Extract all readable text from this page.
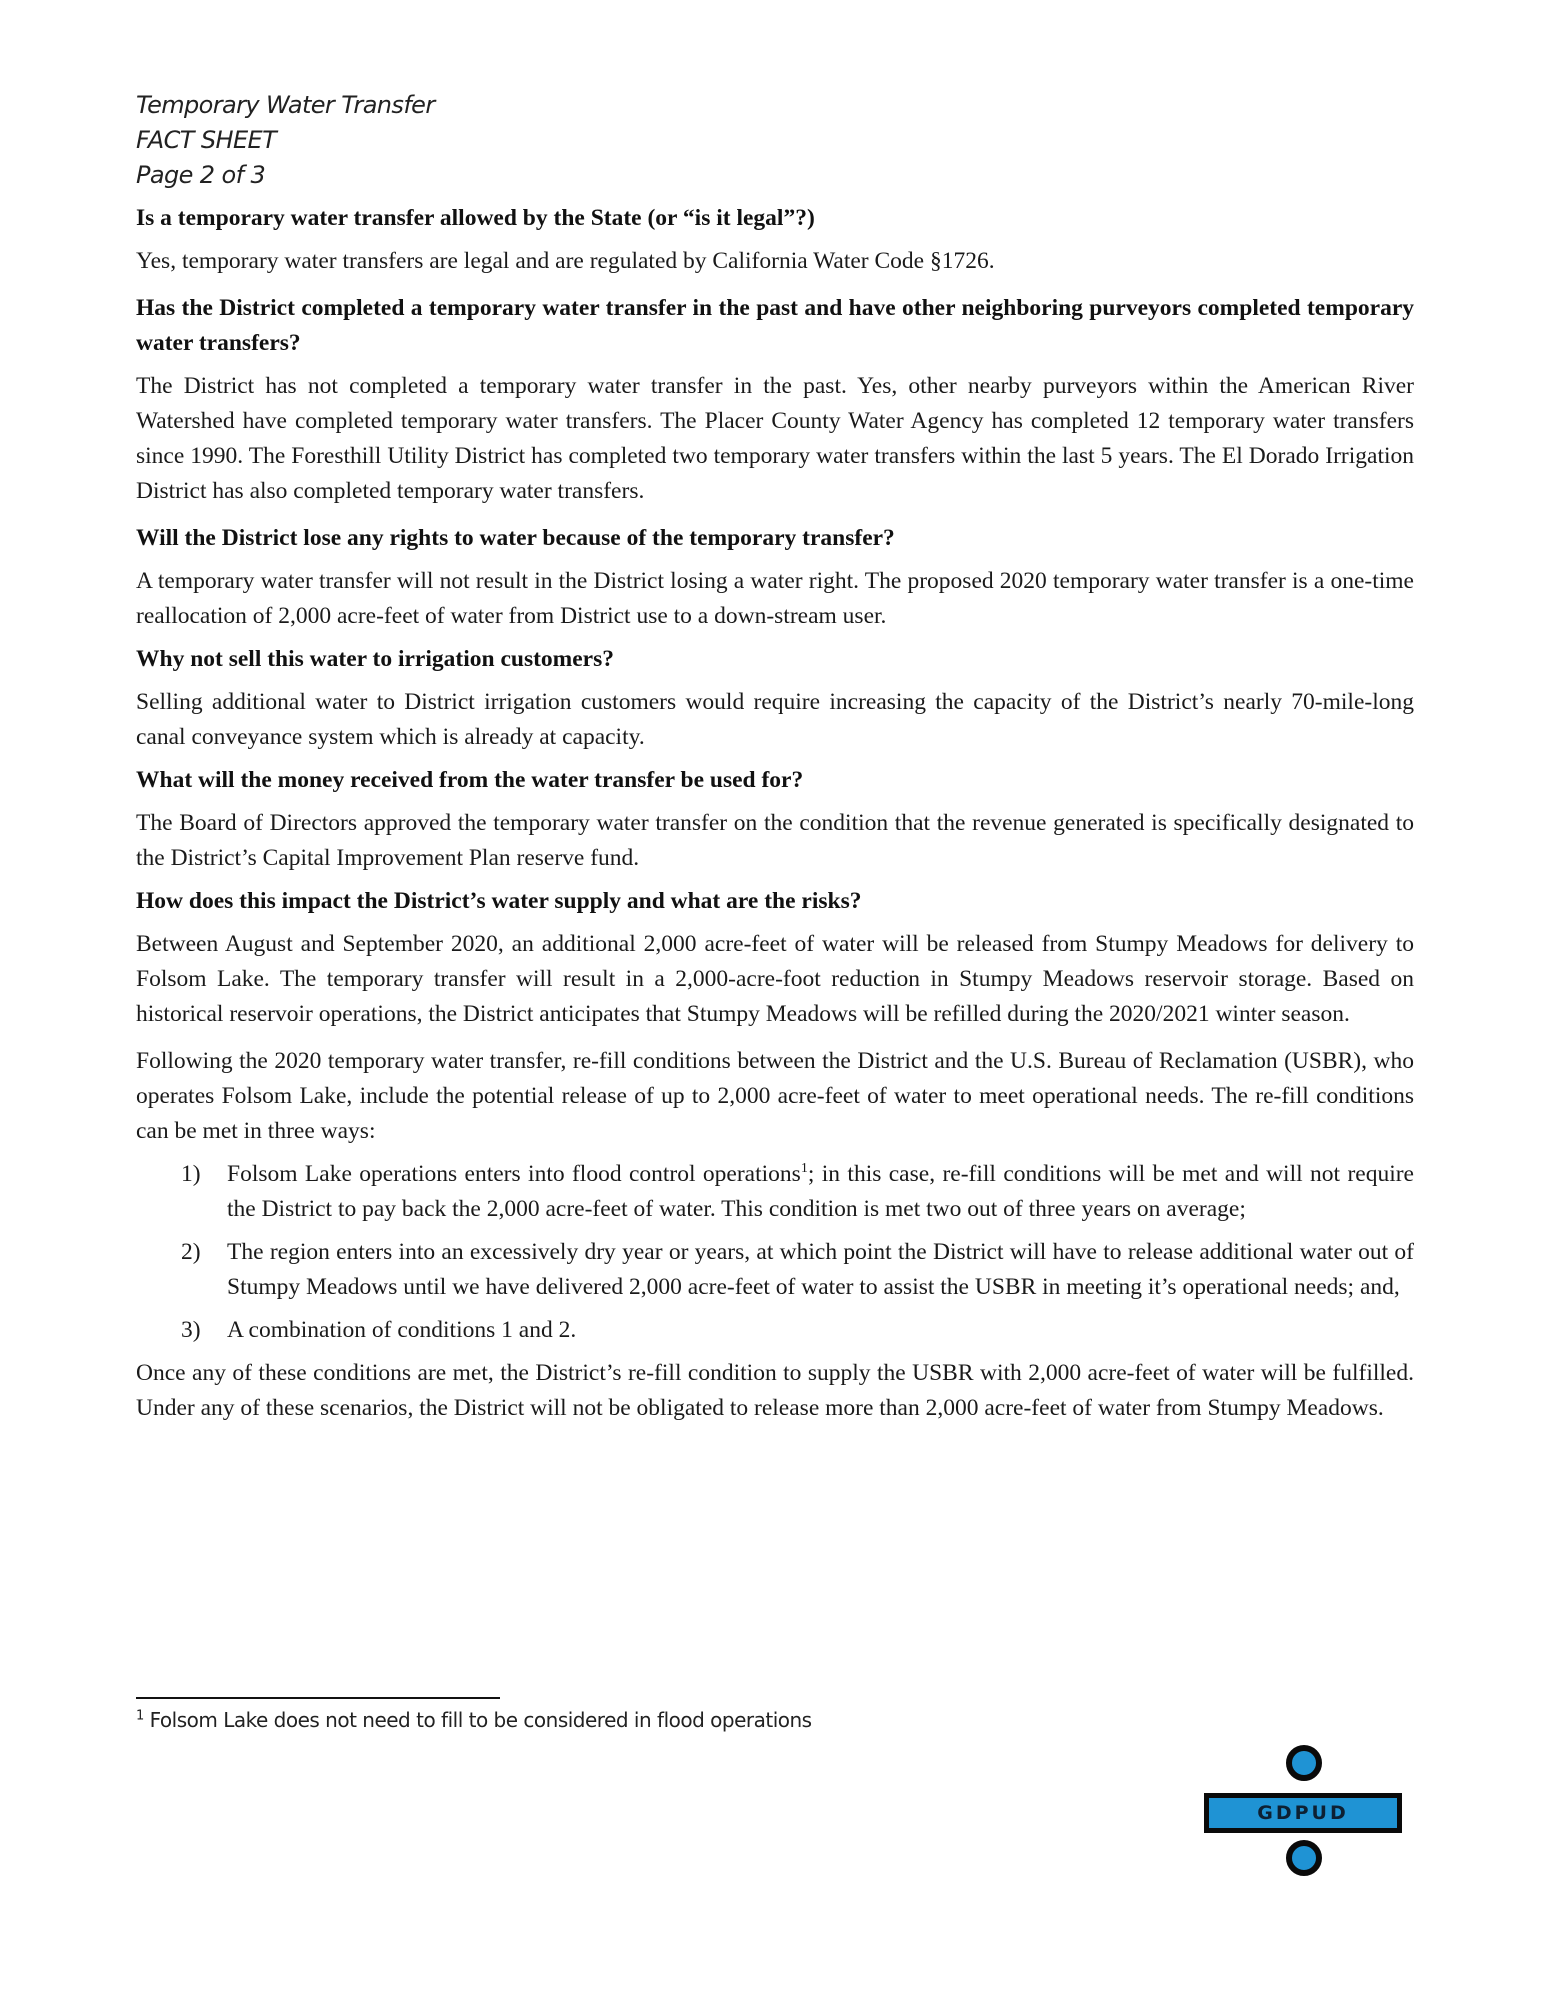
Temporary Water Transfer
FACT SHEET
Page 2 of 3
Is a temporary water transfer allowed by the State (or “is it legal”?)

Yes, temporary water transfers are legal and are regulated by California Water Code §1726.

Has the District completed a temporary water transfer in the past and have other neighboring purveyors completed temporary water transfers?

The District has not completed a temporary water transfer in the past. Yes, other nearby purveyors within the American River Watershed have completed temporary water transfers. The Placer County Water Agency has completed 12 temporary water transfers since 1990. The Foresthill Utility District has completed two temporary water transfers within the last 5 years. The El Dorado Irrigation District has also completed temporary water transfers.

Will the District lose any rights to water because of the temporary transfer?

A temporary water transfer will not result in the District losing a water right. The proposed 2020 temporary water transfer is a one-time reallocation of 2,000 acre-feet of water from District use to a down-stream user.

Why not sell this water to irrigation customers?

Selling additional water to District irrigation customers would require increasing the capacity of the District’s nearly 70-mile-long canal conveyance system which is already at capacity.

What will the money received from the water transfer be used for?

The Board of Directors approved the temporary water transfer on the condition that the revenue generated is specifically designated to the District’s Capital Improvement Plan reserve fund.

How does this impact the District’s water supply and what are the risks?

Between August and September 2020, an additional 2,000 acre-feet of water will be released from Stumpy Meadows for delivery to Folsom Lake. The temporary transfer will result in a 2,000-acre-foot reduction in Stumpy Meadows reservoir storage. Based on historical reservoir operations, the District anticipates that Stumpy Meadows will be refilled during the 2020/2021 winter season.

Following the 2020 temporary water transfer, re-fill conditions between the District and the U.S. Bureau of Reclamation (USBR), who operates Folsom Lake, include the potential release of up to 2,000 acre-feet of water to meet operational needs. The re-fill conditions can be met in three ways:

1) Folsom Lake operations enters into flood control operations$^1$; in this case, re-fill conditions will be met and will not require the District to pay back the 2,000 acre-feet of water. This condition is met two out of three years on average;
2) The region enters into an excessively dry year or years, at which point the District will have to release additional water out of Stumpy Meadows until we have delivered 2,000 acre-feet of water to assist the USBR in meeting it’s operational needs; and,
3) A combination of conditions 1 and 2.

Once any of these conditions are met, the District’s re-fill condition to supply the USBR with 2,000 acre-feet of water will be fulfilled. Under any of these scenarios, the District will not be obligated to release more than 2,000 acre-feet of water from Stumpy Meadows.

$^1$ Folsom Lake does not need to fill to be considered in flood operations
GDPUD
